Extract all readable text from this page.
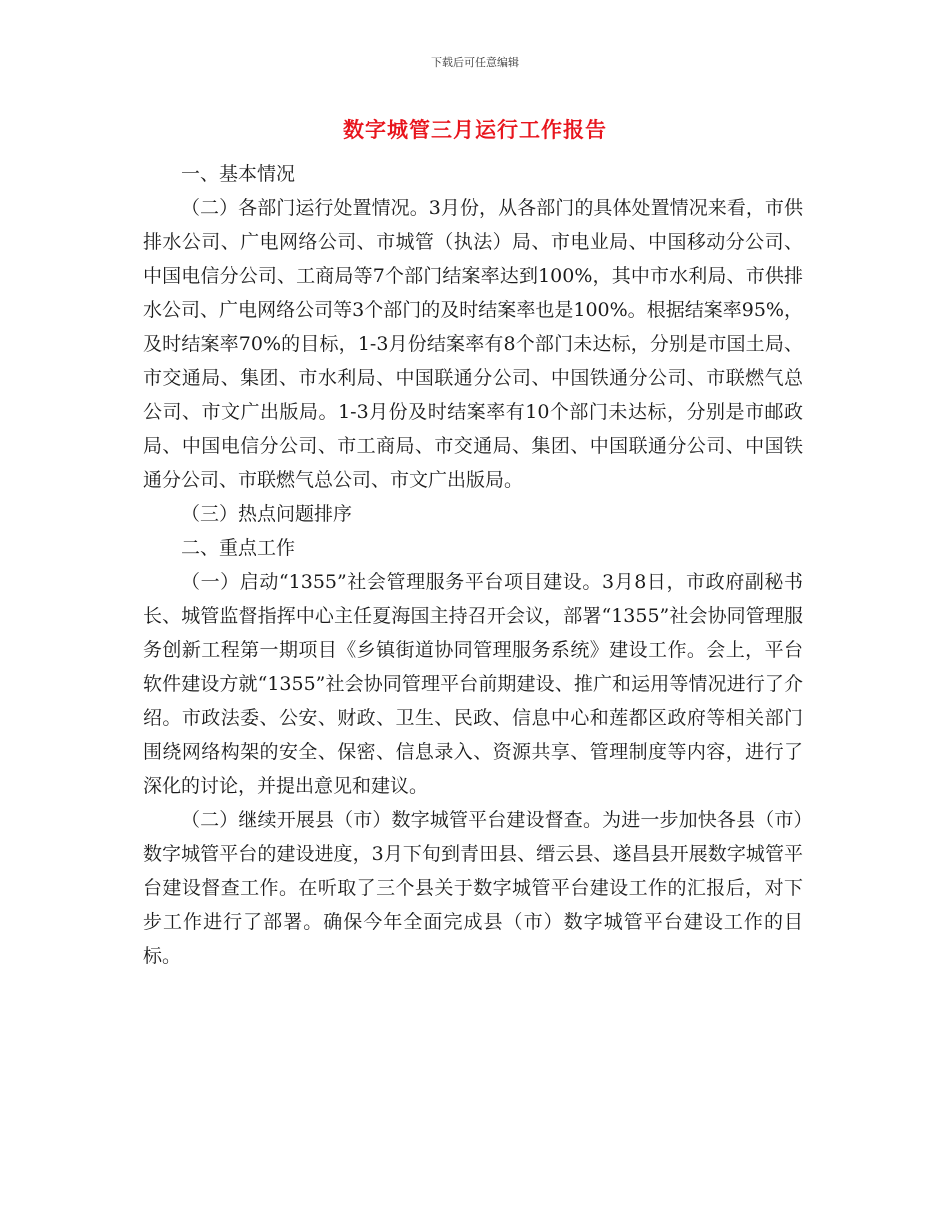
下载后可任意编辑
数字城管三月运行工作报告

一、基本情况

（二）各部门运行处置情况。3月份，从各部门的具体处置情况来看，市供排水公司、广电网络公司、市城管（执法）局、市电业局、中国移动分公司、中国电信分公司、工商局等7个部门结案率达到100%，其中市水利局、市供排水公司、广电网络公司等3个部门的及时结案率也是100%。根据结案率95%，及时结案率70%的目标，1-3月份结案率有8个部门未达标，分别是市国土局、市交通局、集团、市水利局、中国联通分公司、中国铁通分公司、市联燃气总公司、市文广出版局。1-3月份及时结案率有10个部门未达标，分别是市邮政局、中国电信分公司、市工商局、市交通局、集团、中国联通分公司、中国铁通分公司、市联燃气总公司、市文广出版局。

（三）热点问题排序

二、重点工作

（一）启动“1355”社会管理服务平台项目建设。3月8日，市政府副秘书长、城管监督指挥中心主任夏海国主持召开会议，部署“1355”社会协同管理服务创新工程第一期项目《乡镇街道协同管理服务系统》建设工作。会上，平台软件建设方就“1355”社会协同管理平台前期建设、推广和运用等情况进行了介绍。市政法委、公安、财政、卫生、民政、信息中心和莲都区政府等相关部门围绕网络构架的安全、保密、信息录入、资源共享、管理制度等内容，进行了深化的讨论，并提出意见和建议。

（二）继续开展县（市）数字城管平台建设督查。为进一步加快各县（市）数字城管平台的建设进度，3月下旬到青田县、缙云县、遂昌县开展数字城管平台建设督查工作。在听取了三个县关于数字城管平台建设工作的汇报后，对下步工作进行了部署。确保今年全面完成县（市）数字城管平台建设工作的目标。
